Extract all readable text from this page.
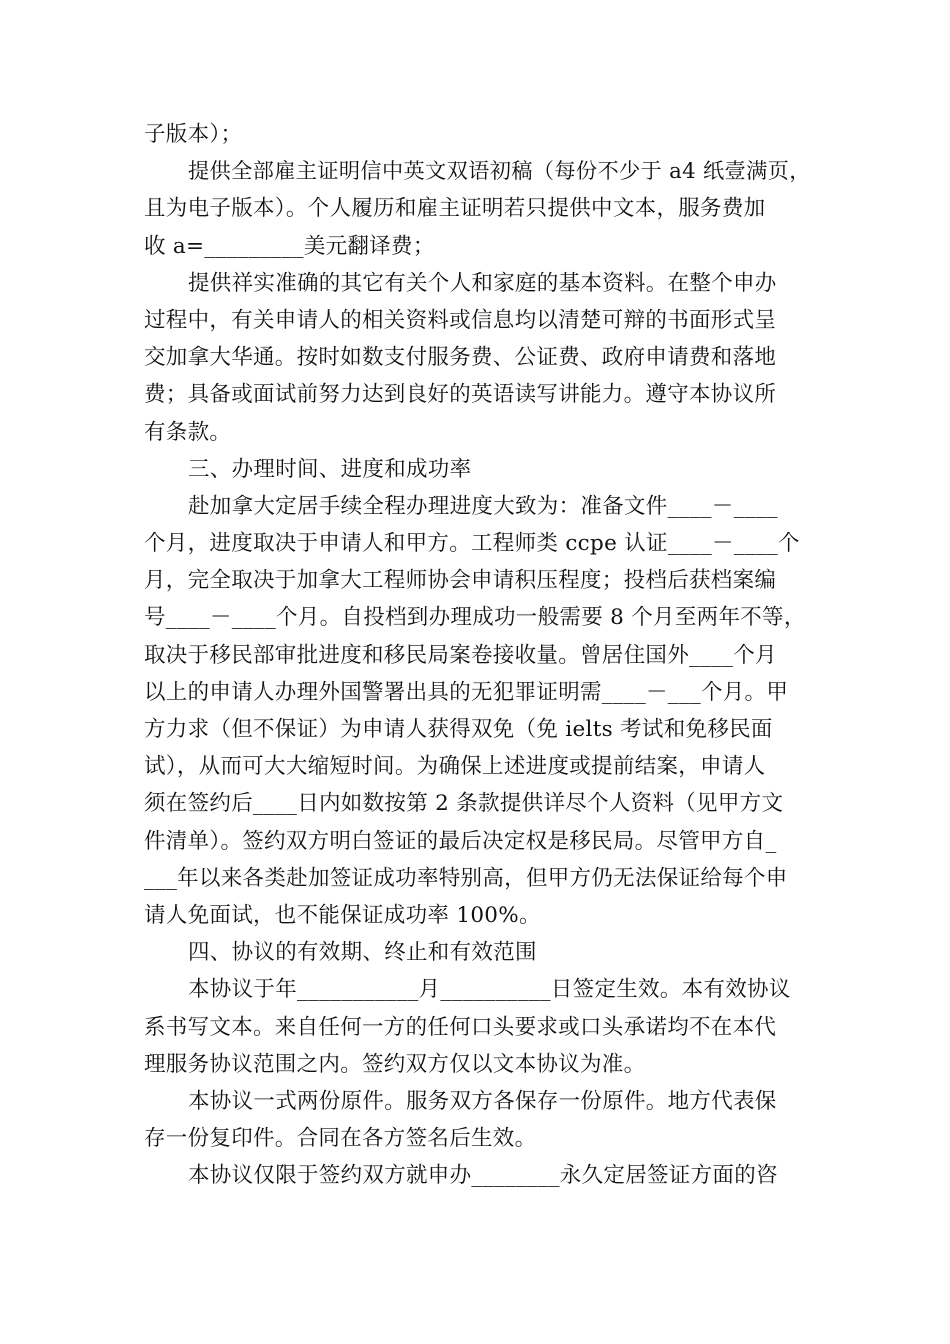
子版本）；
提供全部雇主证明信中英文双语初稿（每份不少于 a4 纸壹满页，
且为电子版本）。个人履历和雇主证明若只提供中文本，服务费加
收 a=_________美元翻译费；
提供祥实准确的其它有关个人和家庭的基本资料。在整个申办
过程中，有关申请人的相关资料或信息均以清楚可辩的书面形式呈
交加拿大华通。按时如数支付服务费、公证费、政府申请费和落地
费；具备或面试前努力达到良好的英语读写讲能力。遵守本协议所
有条款。
三、办理时间、进度和成功率
赴加拿大定居手续全程办理进度大致为：准备文件____－____
个月，进度取决于申请人和甲方。工程师类 ccpe 认证____－____个
月，完全取决于加拿大工程师协会申请积压程度；投档后获档案编
号____－____个月。自投档到办理成功一般需要 8 个月至两年不等，
取决于移民部审批进度和移民局案卷接收量。曾居住国外____个月
以上的申请人办理外国警署出具的无犯罪证明需____－___个月。甲
方力求（但不保证）为申请人获得双免（免 ielts 考试和免移民面
试），从而可大大缩短时间。为确保上述进度或提前结案，申请人
须在签约后____日内如数按第 2 条款提供详尽个人资料（见甲方文
件清单）。签约双方明白签证的最后决定权是移民局。尽管甲方自_
___年以来各类赴加签证成功率特别高，但甲方仍无法保证给每个申
请人免面试，也不能保证成功率 100%。
四、协议的有效期、终止和有效范围
本协议于年___________月__________日签定生效。本有效协议
系书写文本。来自任何一方的任何口头要求或口头承诺均不在本代
理服务协议范围之内。签约双方仅以文本协议为准。
本协议一式两份原件。服务双方各保存一份原件。地方代表保
存一份复印件。合同在各方签名后生效。
本协议仅限于签约双方就申办________永久定居签证方面的咨
